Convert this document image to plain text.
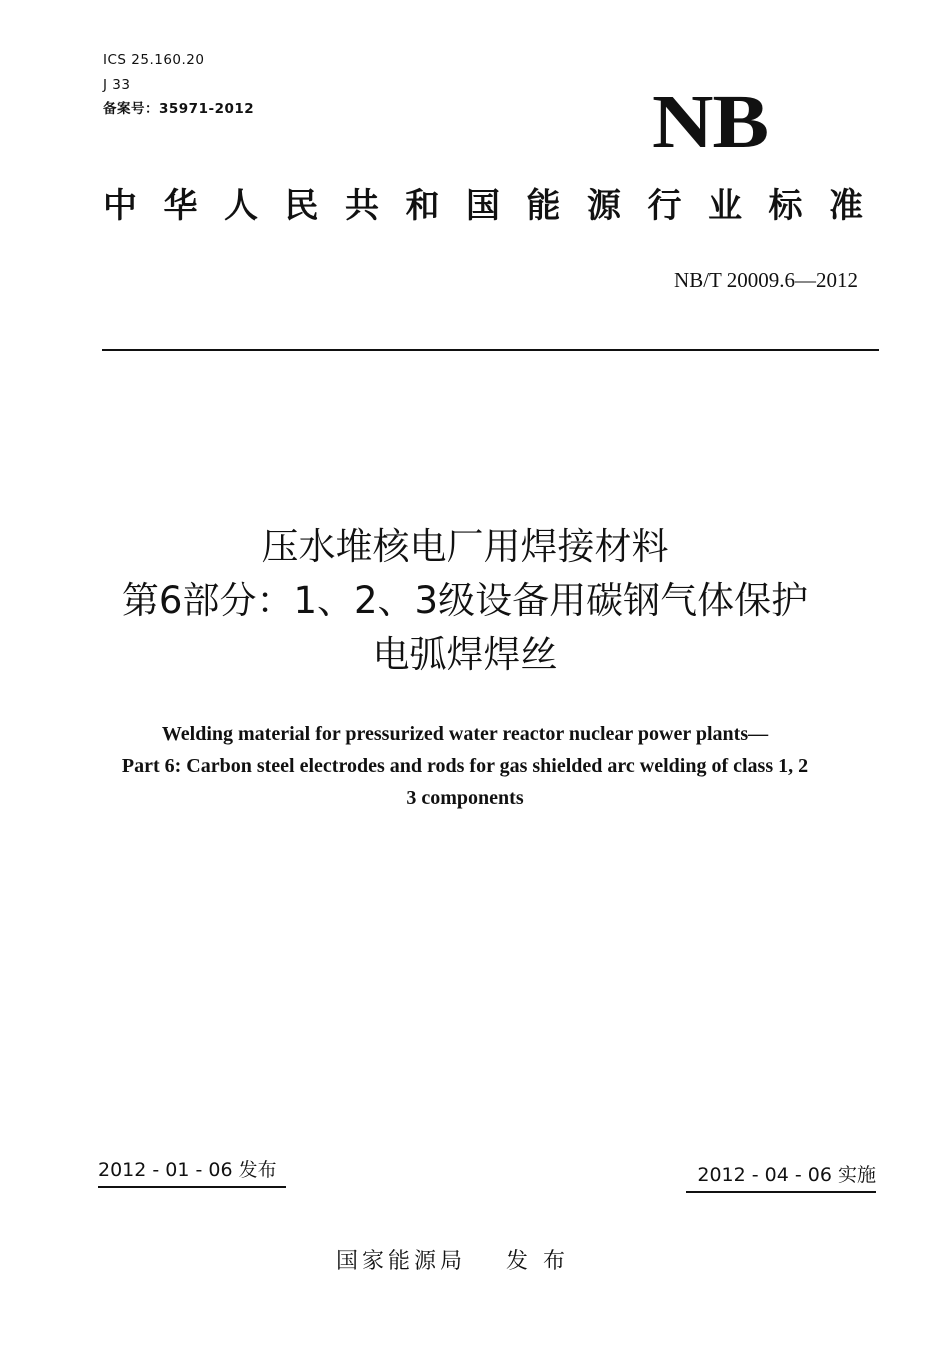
ICS 25.160.20
J 33
备案号：35971-2012	NB
中 华 人 民 共 和 国 能 源 行 业 标 准
NB/T 20009.6—2012
压水堆核电厂用焊接材料
第6部分：1、2、3级设备用碳钢气体保护
电弧焊焊丝
Welding material for pressurized water reactor nuclear power plants—
Part 6: Carbon steel electrodes and rods for gas shielded arc welding of class 1, 2
3 components
2012 - 01 - 06 发布	2012 - 04 - 06 实施
国家能源局 发 布
